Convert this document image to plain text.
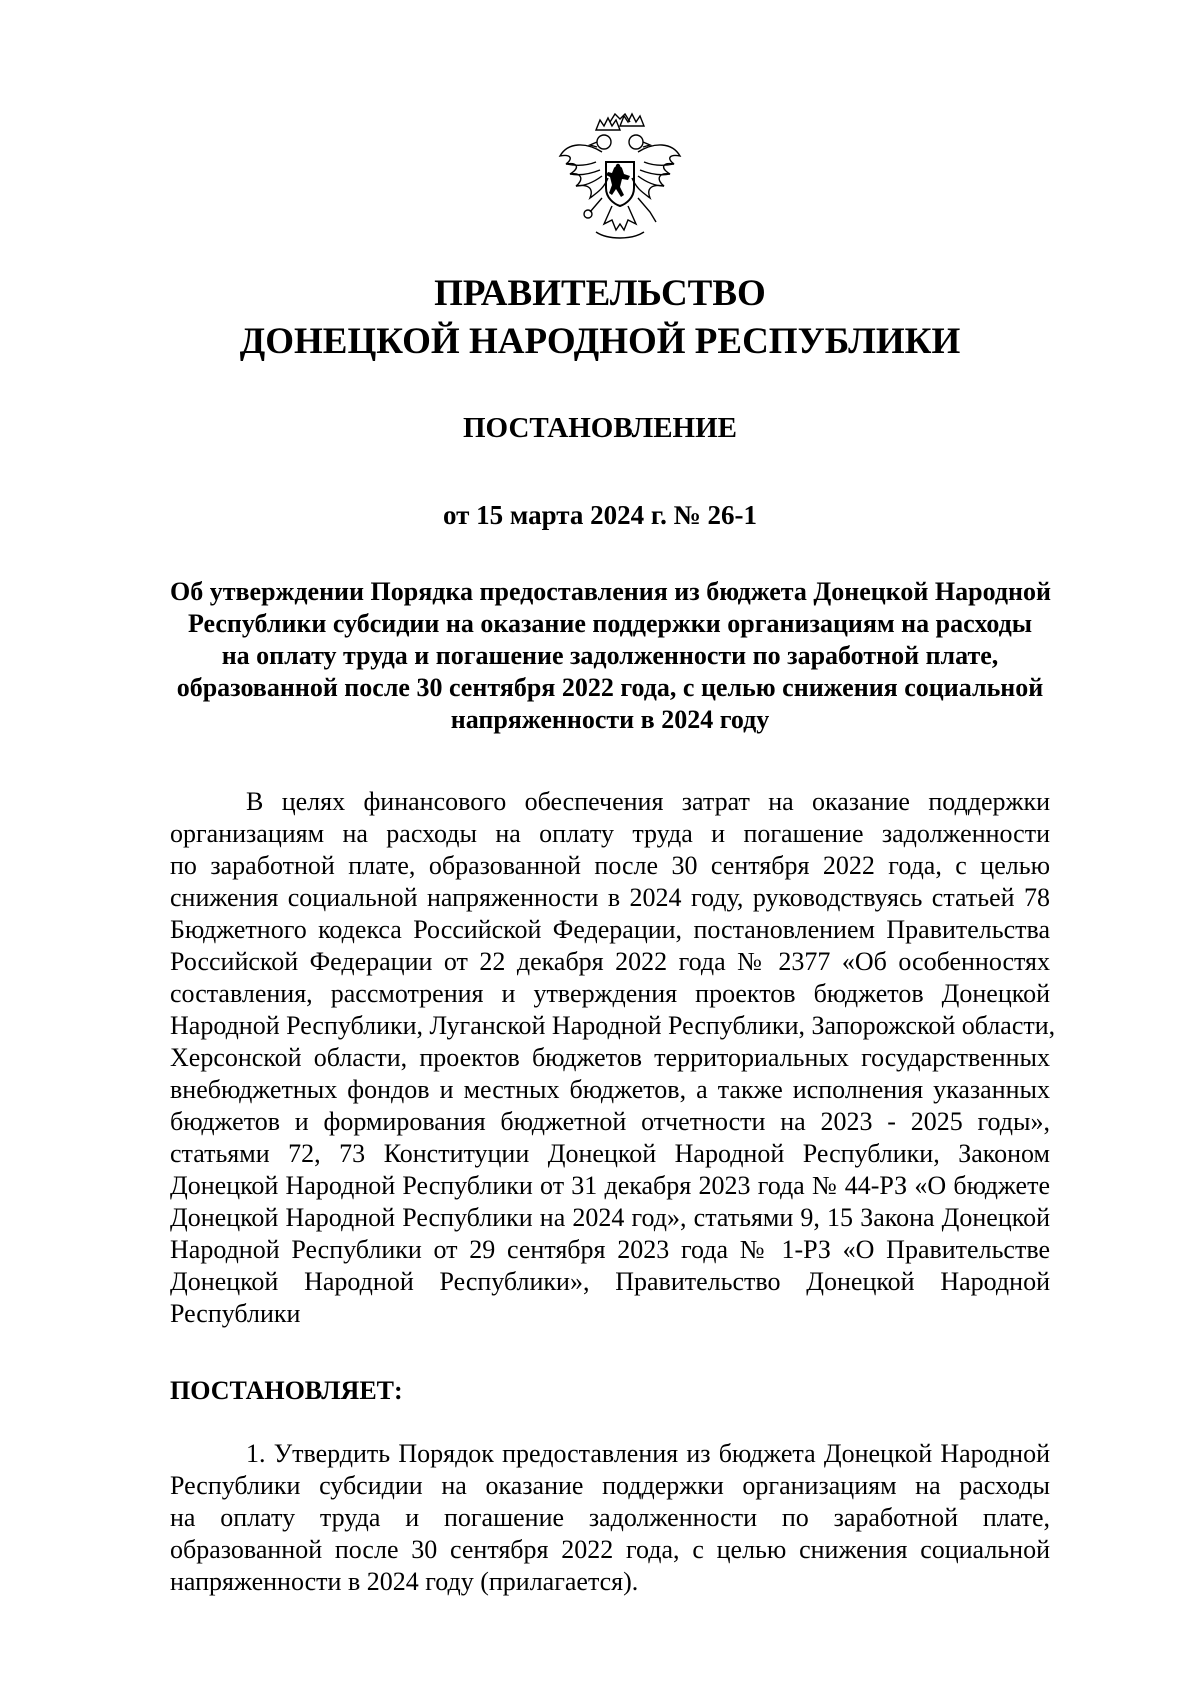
ПРАВИТЕЛЬСТВО
ДОНЕЦКОЙ НАРОДНОЙ РЕСПУБЛИКИ
ПОСТАНОВЛЕНИЕ
от 15 марта 2024 г. № 26-1
Об утверждении Порядка предоставления из бюджета Донецкой Народной
Республики субсидии на оказание поддержки организациям на расходы
на оплату труда и погашение задолженности по заработной плате,
образованной после 30 сентября 2022 года, с целью снижения социальной
напряженности в 2024 году
В целях финансового обеспечения затрат на оказание поддержки
организациям на расходы на оплату труда и погашение задолженности
по заработной плате, образованной после 30 сентября 2022 года, с целью
снижения социальной напряженности в 2024 году, руководствуясь статьей 78
Бюджетного кодекса Российской Федерации, постановлением Правительства
Российской Федерации от 22 декабря 2022 года № 2377 «Об особенностях
составления, рассмотрения и утверждения проектов бюджетов Донецкой
Народной Республики, Луганской Народной Республики, Запорожской области,
Херсонской области, проектов бюджетов территориальных государственных
внебюджетных фондов и местных бюджетов, а также исполнения указанных
бюджетов и формирования бюджетной отчетности на 2023 - 2025 годы»,
статьями 72, 73 Конституции Донецкой Народной Республики, Законом
Донецкой Народной Республики от 31 декабря 2023 года № 44-РЗ «О бюджете
Донецкой Народной Республики на 2024 год», статьями 9, 15 Закона Донецкой
Народной Республики от 29 сентября 2023 года № 1-РЗ «О Правительстве
Донецкой Народной Республики», Правительство Донецкой Народной
Республики
ПОСТАНОВЛЯЕТ:
1. Утвердить Порядок предоставления из бюджета Донецкой Народной
Республики субсидии на оказание поддержки организациям на расходы
на оплату труда и погашение задолженности по заработной плате,
образованной после 30 сентября 2022 года, с целью снижения социальной
напряженности в 2024 году (прилагается).
